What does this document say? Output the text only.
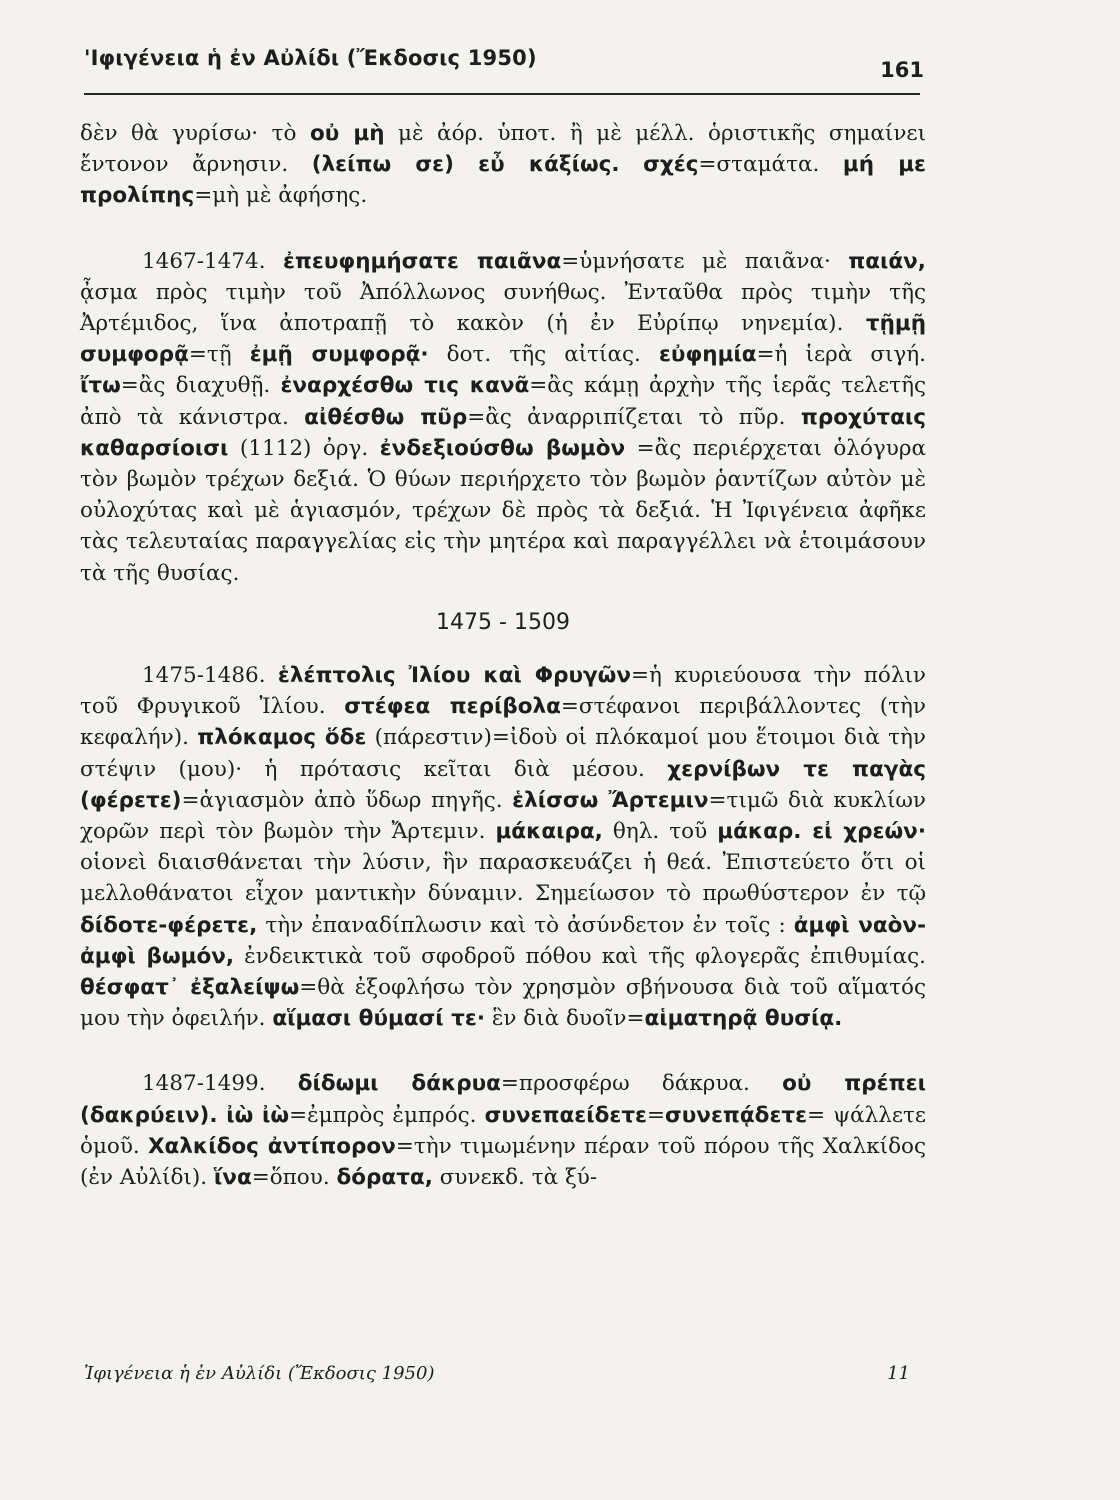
'Ιφιγένεια ἡ ἐν Αὐλίδι (Ἔκδοσις 1950)	161

δὲν θὰ γυρίσω· τὸ οὐ μὴ μὲ ἀόρ. ὑποτ. ἢ μὲ μέλλ. ὁριστικῆς σημαίνει ἔντονον ἄρνησιν. (λείπω σε) εὖ κάξίως. σχές=σταμάτα. μή με προλίπης=μὴ μὲ ἀφήσης.

1467-1474. ἐπευφημήσατε παιᾶνα=ὑμνήσατε μὲ παιᾶνα· παιάν, ᾆσμα πρὸς τιμὴν τοῦ Ἀπόλλωνος συνήθως. Ἐνταῦθα πρὸς τιμὴν τῆς Ἀρτέμιδος, ἵνα ἀποτραπῇ τὸ κακὸν (ἡ ἐν Εὐρίπῳ νηνεμία). τῇμῇ συμφορᾷ=τῇ ἐμῇ συμφορᾷ· δοτ. τῆς αἰτίας. εὐφημία=ἡ ἱερὰ σιγή. ἴτω=ἂς διαχυθῇ. ἐναρχέσθω τις κανᾶ=ἂς κάμῃ ἀρχὴν τῆς ἱερᾶς τελετῆς ἀπὸ τὰ κάνιστρα. αἰθέσθω πῦρ=ἂς ἀναρριπίζεται τὸ πῦρ. προχύταις καθαρσίοισι (1112) ὀργ. ἐνδεξιούσθω βωμὸν =ἂς περιέρχεται ὁλόγυρα τὸν βωμὸν τρέχων δεξιά. Ὁ θύων περιήρχετο τὸν βωμὸν ῥαντίζων αὐτὸν μὲ οὐλοχύτας καὶ μὲ ἁγιασμόν, τρέχων δὲ πρὸς τὰ δεξιά. Ἡ Ἰφιγένεια ἀφῆκε τὰς τελευταίας παραγγελίας εἰς τὴν μητέρα καὶ παραγγέλλει νὰ ἑτοιμάσουν τὰ τῆς θυσίας.

1475 - 1509

1475-1486. ἑλέπτολις Ἰλίου καὶ Φρυγῶν=ἡ κυριεύουσα τὴν πόλιν τοῦ Φρυγικοῦ Ἰλίου. στέφεα περίβολα=στέφανοι περιβάλλοντες (τὴν κεφαλήν). πλόκαμος ὅδε (πάρεστιν)=ἰδοὺ οἱ πλόκαμοί μου ἕτοιμοι διὰ τὴν στέψιν (μου)· ἡ πρότασις κεῖται διὰ μέσου. χερνίβων τε παγὰς (φέρετε)=ἁγιασμὸν ἀπὸ ὕδωρ πηγῆς. ἑλίσσω Ἄρτεμιν=τιμῶ διὰ κυκλίων χορῶν περὶ τὸν βωμὸν τὴν Ἄρτεμιν. μάκαιρα, θηλ. τοῦ μάκαρ. εἰ χρεών· οἱονεὶ διαισθάνεται τὴν λύσιν, ἣν παρασκευάζει ἡ θεά. Ἐπιστεύετο ὅτι οἱ μελλοθάνατοι εἶχον μαντικὴν δύναμιν. Σημείωσον τὸ πρωθύστερον ἐν τῷ δίδοτε-φέρετε, τὴν ἐπαναδίπλωσιν καὶ τὸ ἀσύνδετον ἐν τοῖς : ἀμφὶ ναὸν-ἀμφὶ βωμόν, ἐνδεικτικὰ τοῦ σφοδροῦ πόθου καὶ τῆς φλογερᾶς ἐπιθυμίας. θέσφατ᾽ ἐξαλείψω=θὰ ἐξοφλήσω τὸν χρησμὸν σβήνουσα διὰ τοῦ αἵματός μου τὴν ὀφειλήν. αἵμασι θύμασί τε· ἓν διὰ δυοῖν=αἱματηρᾷ θυσίᾳ.

1487-1499. δίδωμι δάκρυα=προσφέρω δάκρυα. οὐ πρέπει (δακρύειν). ἰὼ ἰὼ=ἐμπρὸς ἐμπρός. συνεπαείδετε=συνεπᾴδετε= ψάλλετε ὁμοῦ. Χαλκίδος ἀντίπορον=τὴν τιμωμένην πέραν τοῦ πόρου τῆς Χαλκίδος (ἐν Αὐλίδι). ἵνα=ὅπου. δόρατα, συνεκδ. τὰ ξύ-

Ἰφιγένεια ἡ ἐν Αὐλίδι (Ἔκδοσις 1950)	11
